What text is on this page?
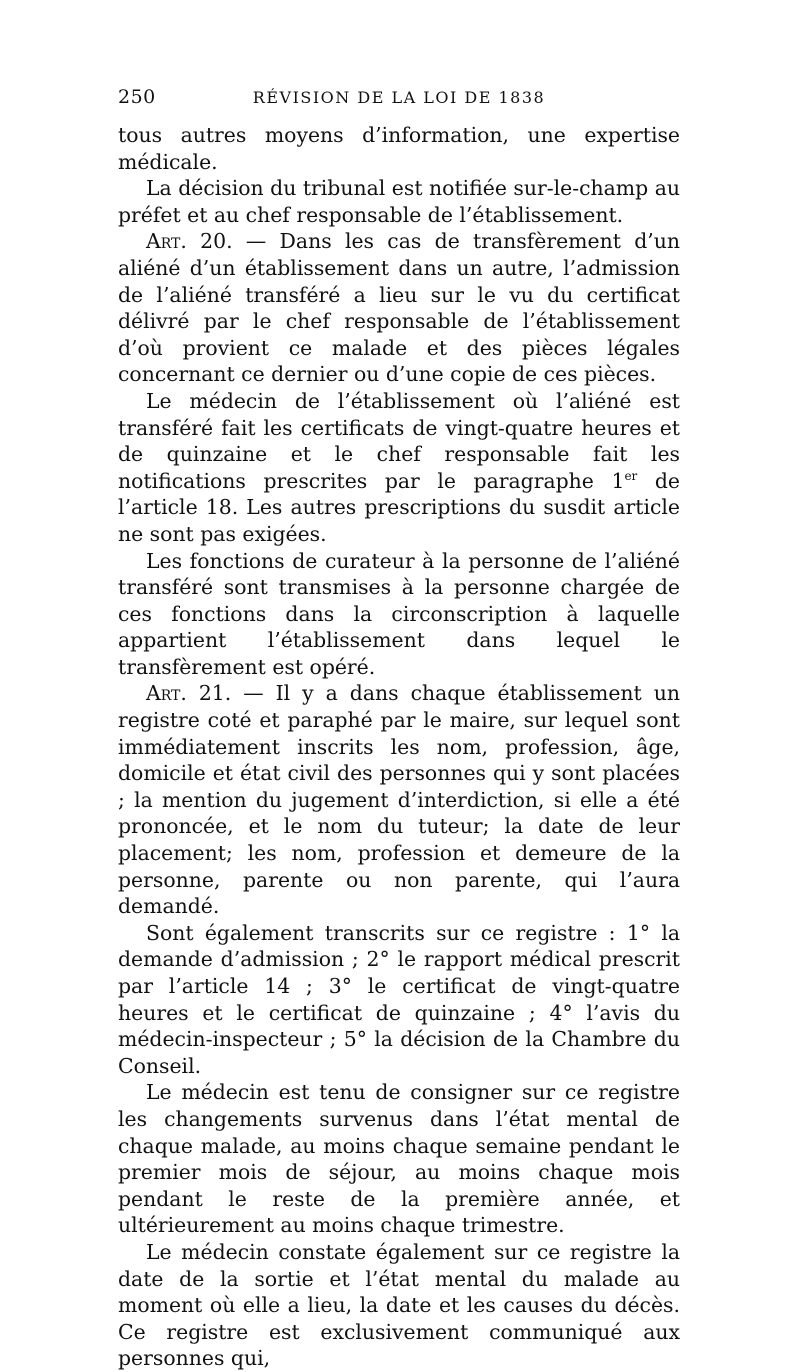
250	RÉVISION DE LA LOI DE 1838

tous autres moyens d’information, une expertise médicale.

La décision du tribunal est notifiée sur-le-champ au préfet et au chef responsable de l’établissement.

Art. 20. — Dans les cas de transfèrement d’un aliéné d’un établissement dans un autre, l’admission de l’aliéné transféré a lieu sur le vu du certificat délivré par le chef responsable de l’établissement d’où provient ce malade et des pièces légales concernant ce dernier ou d’une copie de ces pièces.

Le médecin de l’établissement où l’aliéné est transféré fait les certificats de vingt-quatre heures et de quinzaine et le chef responsable fait les notifications prescrites par le paragraphe 1er de l’article 18. Les autres prescriptions du susdit article ne sont pas exigées.

Les fonctions de curateur à la personne de l’aliéné transféré sont transmises à la personne chargée de ces fonctions dans la circonscription à laquelle appartient l’établissement dans lequel le transfèrement est opéré.

Art. 21. — Il y a dans chaque établissement un registre coté et paraphé par le maire, sur lequel sont immédiatement inscrits les nom, profession, âge, domicile et état civil des personnes qui y sont placées ; la mention du jugement d’interdiction, si elle a été prononcée, et le nom du tuteur; la date de leur placement; les nom, profession et demeure de la personne, parente ou non parente, qui l’aura demandé.

Sont également transcrits sur ce registre : 1° la demande d’admission ; 2° le rapport médical prescrit par l’article 14 ; 3° le certificat de vingt-quatre heures et le certificat de quinzaine ; 4° l’avis du médecin-inspecteur ; 5° la décision de la Chambre du Conseil.

Le médecin est tenu de consigner sur ce registre les changements survenus dans l’état mental de chaque malade, au moins chaque semaine pendant le premier mois de séjour, au moins chaque mois pendant le reste de la première année, et ultérieurement au moins chaque trimestre.

Le médecin constate également sur ce registre la date de la sortie et l’état mental du malade au moment où elle a lieu, la date et les causes du décès. Ce registre est exclusivement communiqué aux personnes qui,
